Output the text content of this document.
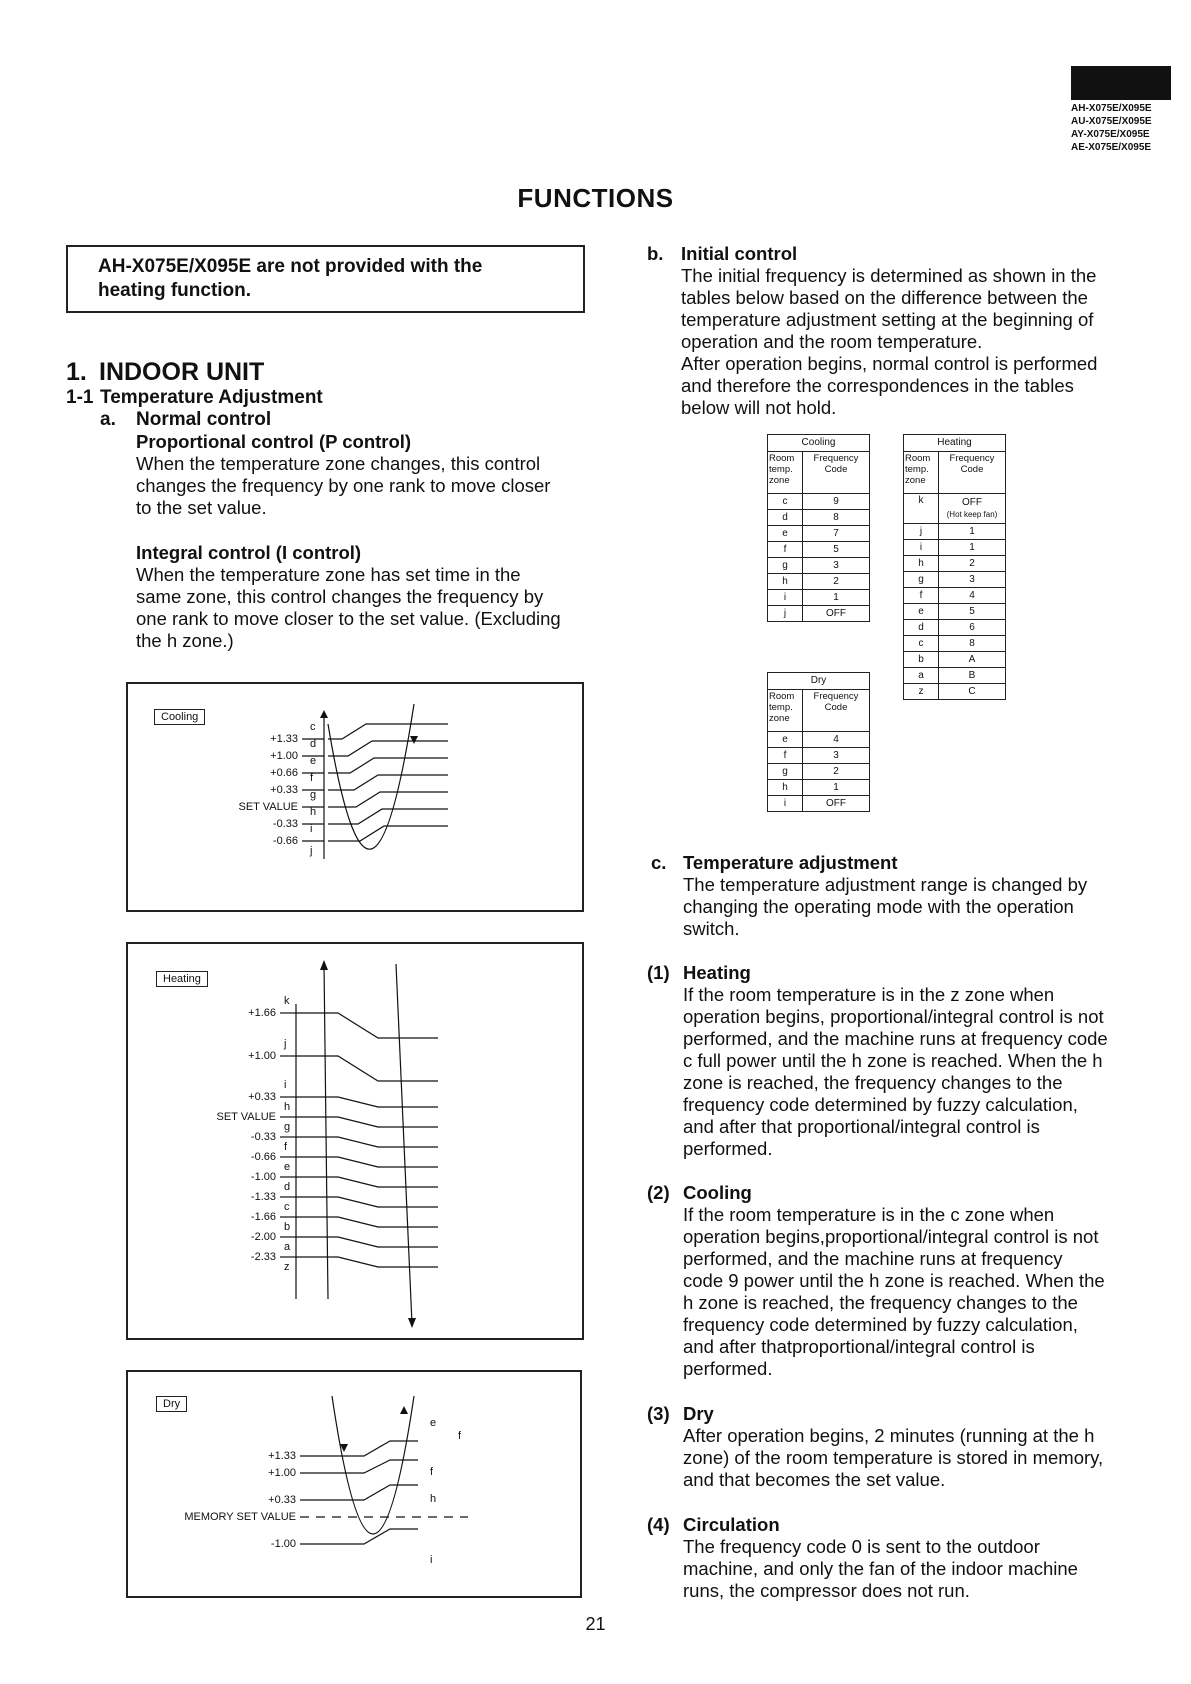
AH-X075E/X095E
AU-X075E/X095E
AY-X075E/X095E
AE-X075E/X095E
FUNCTIONS
AH-X075E/X095E are not provided with the
heating function.
1. INDOOR UNIT
1-1 Temperature Adjustment
a. Normal control
Proportional control (P control)
When the temperature zone changes, this control
changes the frequency by one rank to move closer
to the set value.
Integral control (I control)
When the temperature zone has set time in the
same zone, this control changes the frequency by
one rank to move closer to the set value. (Excluding
the h zone.)
Cooling
+1.33
+1.00
+0.66
+0.33
SET VALUE
-0.33
-0.66
c
d
e
f
g
h
i
j
Heating
+1.66
+1.00
+0.33
SET VALUE
-0.33
-0.66
-1.00
-1.33
-1.66
-2.00
-2.33
k
j
i
h
g
f
e
d
c
b
a
z
Dry
+1.33
+1.00
+0.33
MEMORY SET VALUE
-1.00
e
f
f
h
i
b. Initial control
The initial frequency is determined as shown in the
tables below based on the difference between the
temperature adjustment setting at the beginning of
operation and the room temperature.
After operation begins, normal control is performed
and therefore the correspondences in the tables
below will not hold.
Cooling	
Room temp. zone	Frequency Code
c	9
d	8
e	7
f	5
g	3
h	2
i	1
j	OFF
Heating	
Room temp. zone	Frequency Code
k	OFF
(Hot keep fan)

j	1
i	1
h	2
g	3
f	4
e	5
d	6
c	8
b	A
a	B
z	C
Dry	
Room temp. zone	Frequency Code
e	4
f	3
g	2
h	1
i	OFF
c. Temperature adjustment
The temperature adjustment range is changed by
changing the operating mode with the operation
switch.
(1) Heating
If the room temperature is in the z zone when
operation begins, proportional/integral control is not
performed, and the machine runs at frequency code
c full power until the h zone is reached. When the h
zone is reached, the frequency changes to the
frequency code determined by fuzzy calculation,
and after that proportional/integral control is
performed.
(2) Cooling
If the room temperature is in the c zone when
operation begins,proportional/integral control is not
performed, and the machine runs at frequency
code 9 power until the h zone is reached. When the
h zone is reached, the frequency changes to the
frequency code determined by fuzzy calculation,
and after thatproportional/integral control is
performed.
(3) Dry
After operation begins, 2 minutes (running at the h
zone) of the room temperature is stored in memory,
and that becomes the set value.
(4) Circulation
The frequency code 0 is sent to the outdoor
machine, and only the fan of the indoor machine
runs, the compressor does not run.
21
